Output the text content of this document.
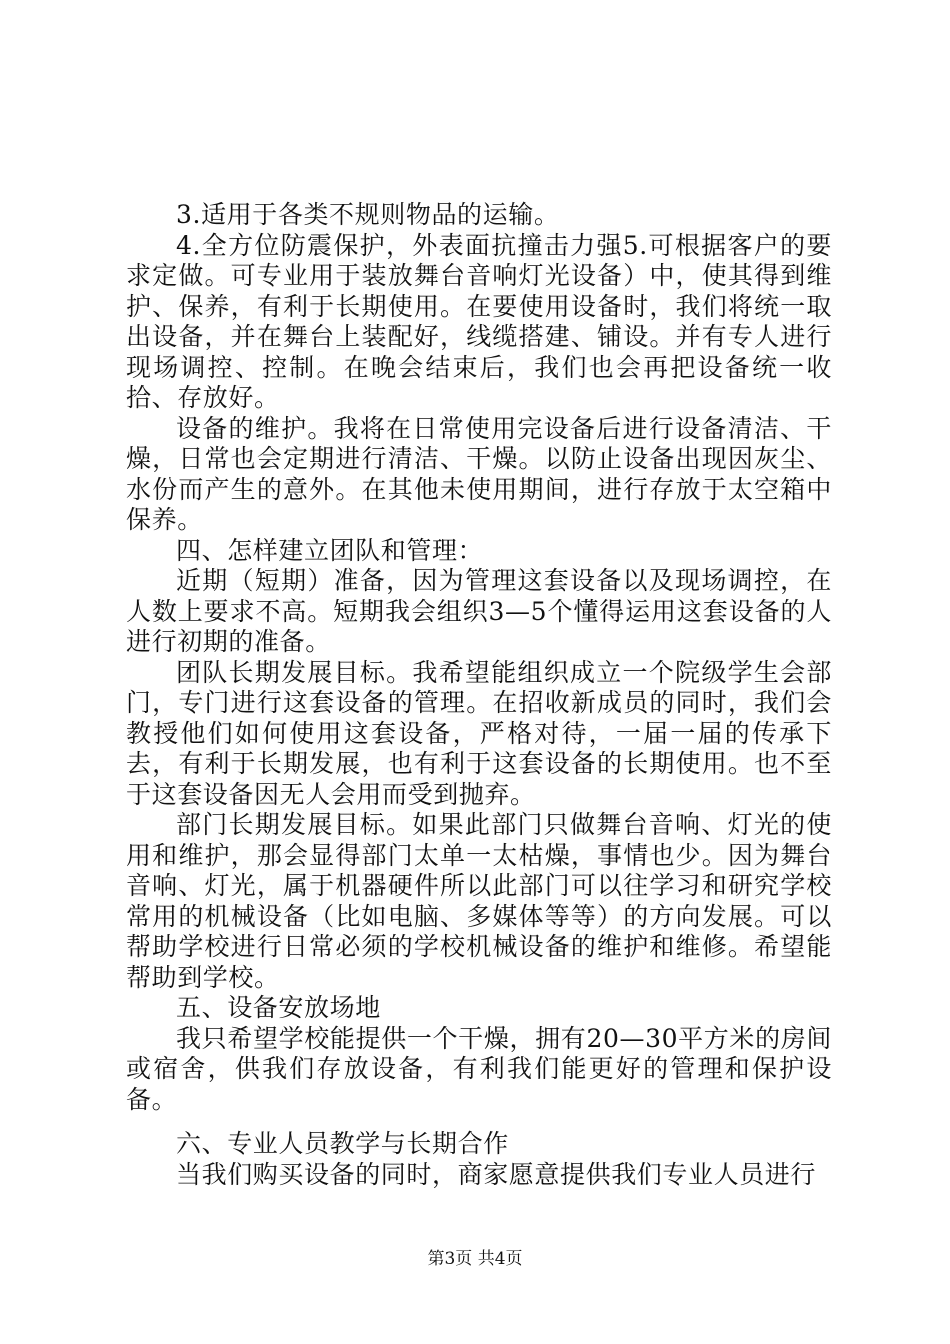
3.适用于各类不规则物品的运输。

4.全方位防震保护，外表面抗撞击力强5.可根据客户的要求定做。可专业用于装放舞台音响灯光设备）中，使其得到维护、保养，有利于长期使用。在要使用设备时，我们将统一取出设备，并在舞台上装配好，线缆搭建、铺设。并有专人进行现场调控、控制。在晚会结束后，我们也会再把设备统一收拾、存放好。

设备的维护。我将在日常使用完设备后进行设备清洁、干燥，日常也会定期进行清洁、干燥。以防止设备出现因灰尘、水份而产生的意外。在其他未使用期间，进行存放于太空箱中保养。

四、怎样建立团队和管理：

近期（短期）准备，因为管理这套设备以及现场调控，在人数上要求不高。短期我会组织3—5个懂得运用这套设备的人进行初期的准备。

团队长期发展目标。我希望能组织成立一个院级学生会部门，专门进行这套设备的管理。在招收新成员的同时，我们会教授他们如何使用这套设备，严格对待，一届一届的传承下去，有利于长期发展，也有利于这套设备的长期使用。也不至于这套设备因无人会用而受到抛弃。

部门长期发展目标。如果此部门只做舞台音响、灯光的使用和维护，那会显得部门太单一太枯燥，事情也少。因为舞台音响、灯光，属于机器硬件所以此部门可以往学习和研究学校常用的机械设备（比如电脑、多媒体等等）的方向发展。可以帮助学校进行日常必须的学校机械设备的维护和维修。希望能帮助到学校。

五、设备安放场地

我只希望学校能提供一个干燥，拥有20—30平方米的房间或宿舍，供我们存放设备，有利我们能更好的管理和保护设备。

六、专业人员教学与长期合作

当我们购买设备的同时，商家愿意提供我们专业人员进行

第3页 共4页
